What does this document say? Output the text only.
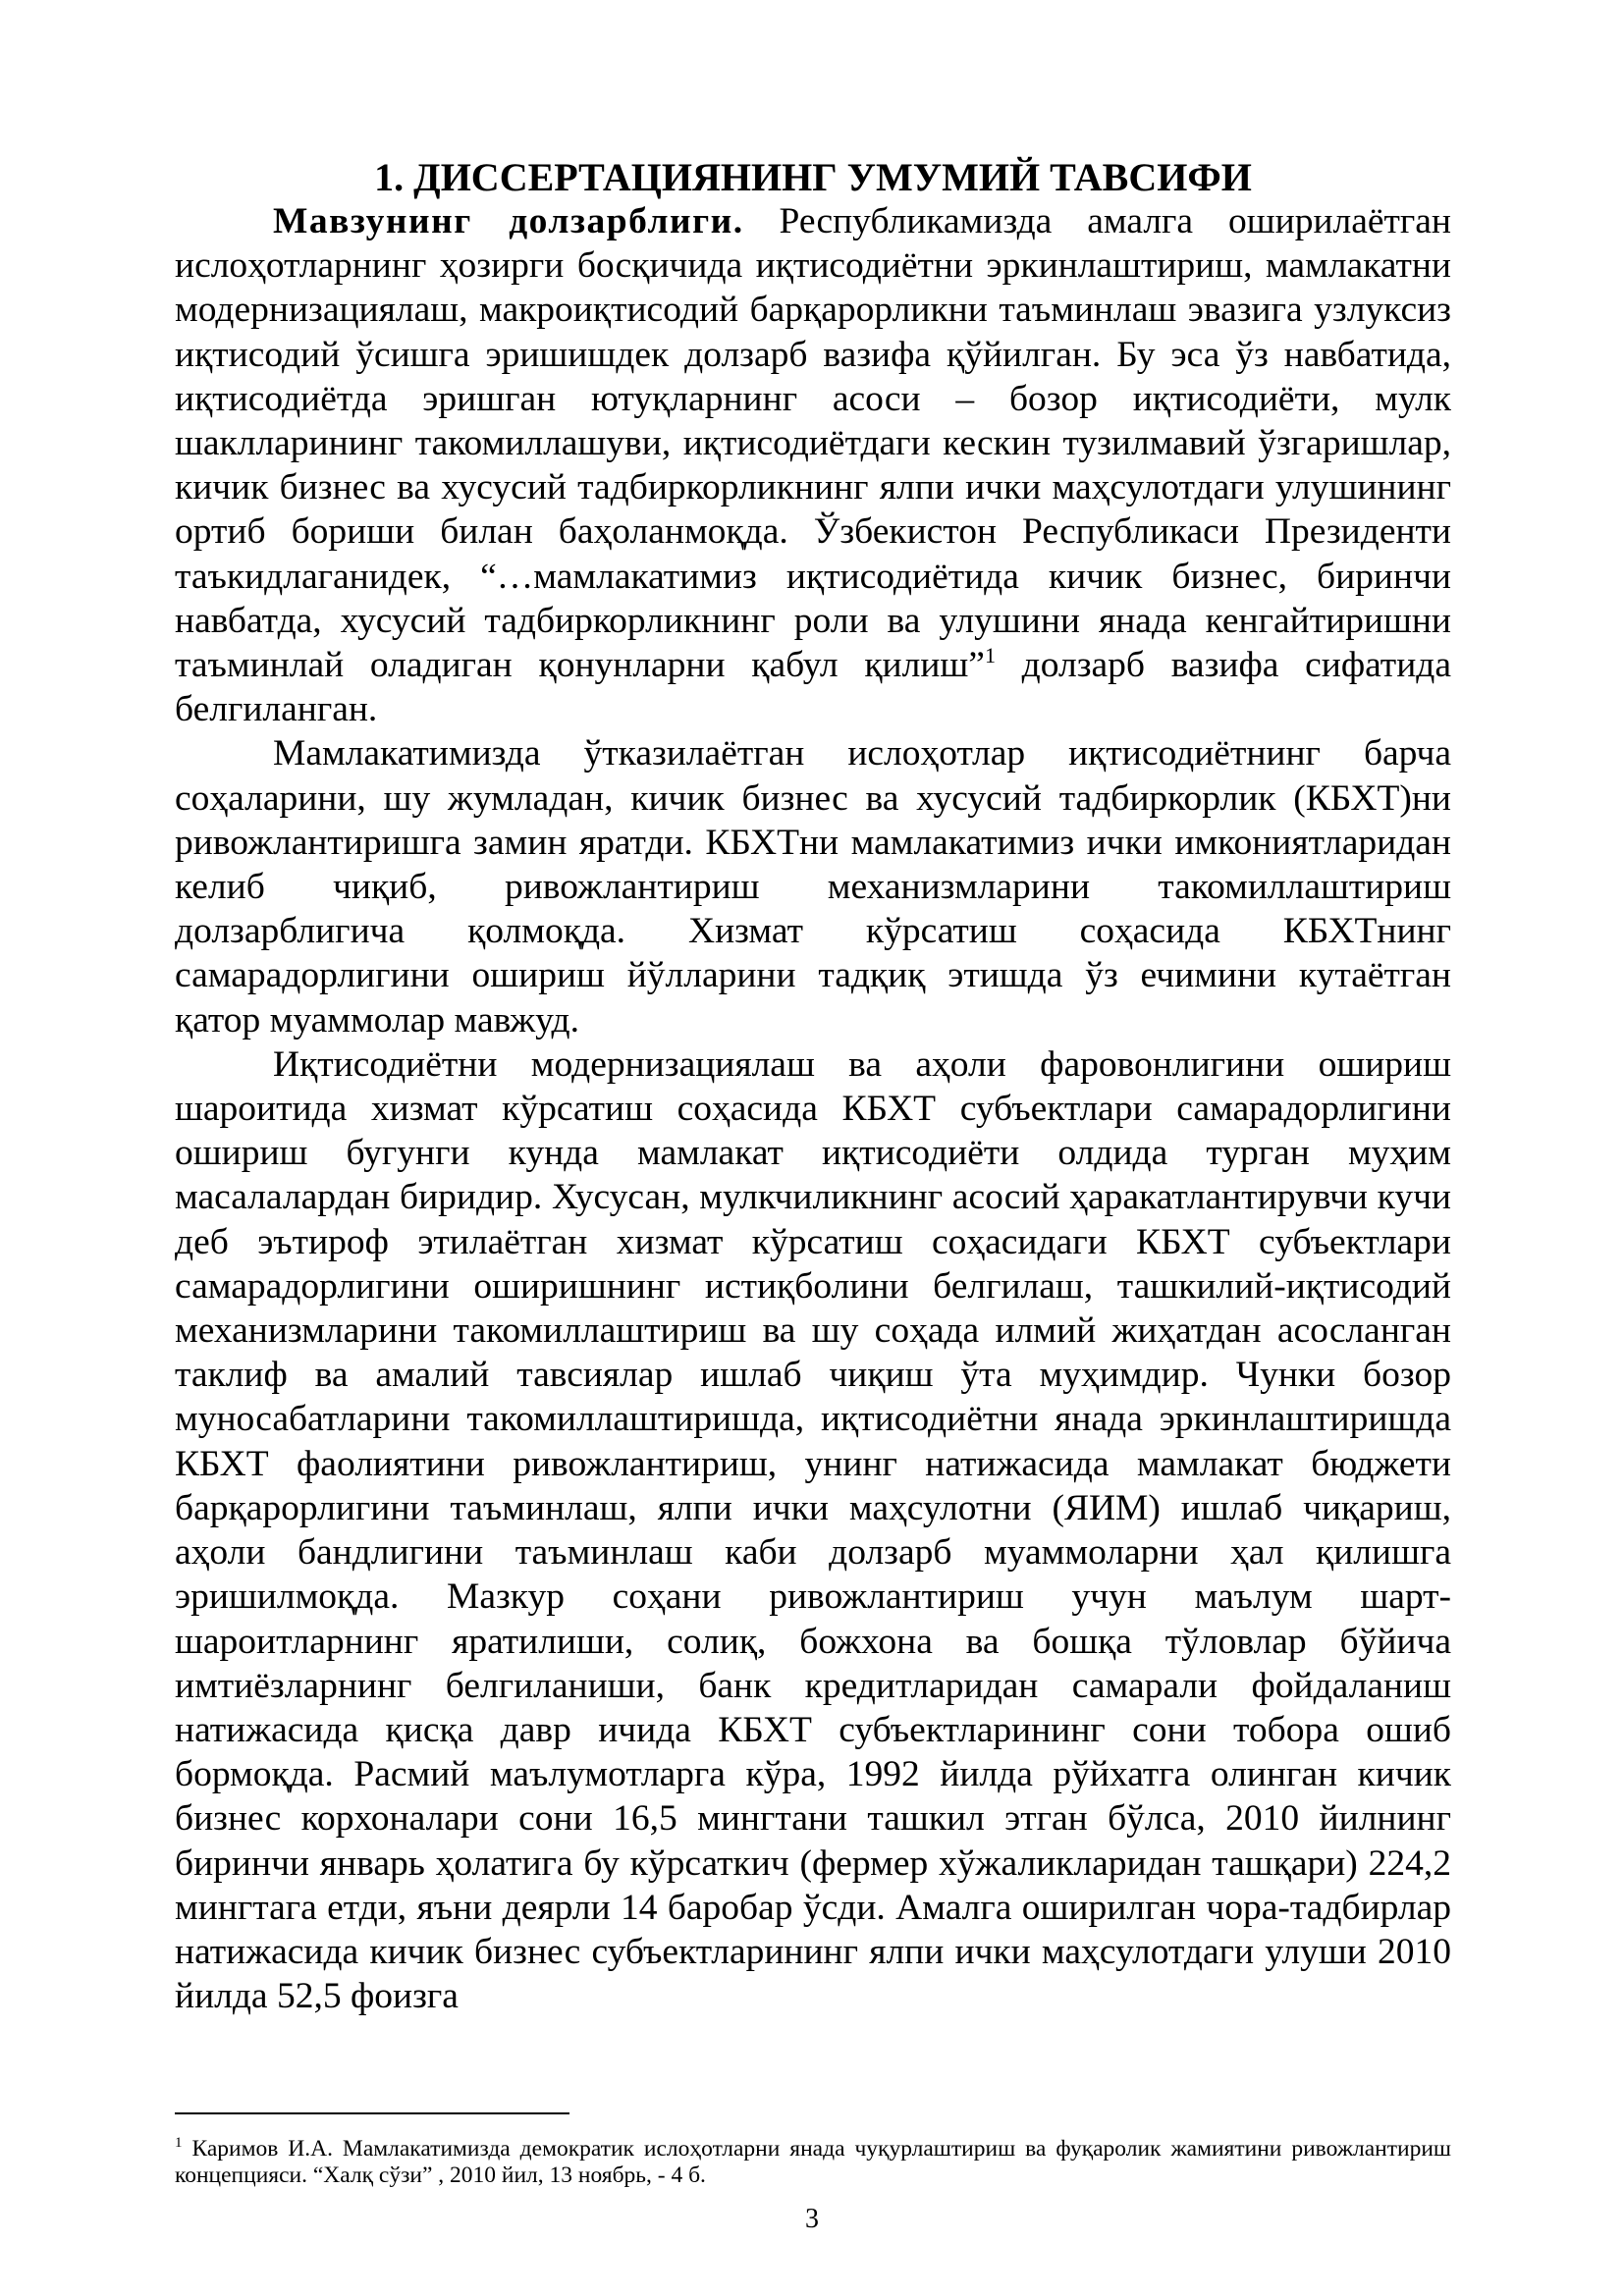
1. ДИССЕРТАЦИЯНИНГ УМУМИЙ ТАВСИФИ

Мавзунинг долзарблиги. Республикамизда амалга оширилаётган ислоҳотларнинг ҳозирги босқичида иқтисодиётни эркинлаштириш, мамлакатни модернизациялаш, макроиқтисодий барқарорликни таъминлаш эвазига узлуксиз иқтисодий ўсишга эришишдек долзарб вазифа қўйилган. Бу эса ўз навбатида, иқтисодиётда эришган ютуқларнинг асоси – бозор иқтисодиёти, мулк шаклларининг такомиллашуви, иқтисодиётдаги кескин тузилмавий ўзгаришлар, кичик бизнес ва хусусий тадбиркорликнинг ялпи ички маҳсулотдаги улушининг ортиб бориши билан баҳоланмоқда. Ўзбекистон Республикаси Президенти таъкидлаганидек, “…мамлакатимиз иқтисодиётида кичик бизнес, биринчи навбатда, хусусий тадбиркорликнинг роли ва улушини янада кенгайтиришни таъминлай оладиган қонунларни қабул қилиш”$^1$ долзарб вазифа сифатида белгиланган.

Мамлакатимизда ўтказилаётган ислоҳотлар иқтисодиётнинг барча соҳаларини, шу жумладан, кичик бизнес ва хусусий тадбиркорлик (КБХТ)ни ривожлантиришга замин яратди. КБХТни мамлакатимиз ички имкониятларидан келиб чиқиб, ривожлантириш механизмларини такомиллаштириш долзарблигича қолмоқда. Хизмат кўрсатиш соҳасида КБХТнинг самарадорлигини ошириш йўлларини тадқиқ этишда ўз ечимини кутаётган қатор муаммолар мавжуд.

Иқтисодиётни модернизациялаш ва аҳоли фаровонлигини ошириш шароитида хизмат кўрсатиш соҳасида КБХТ субъектлари самарадорлигини ошириш бугунги кунда мамлакат иқтисодиёти олдида турган муҳим масалалардан биридир. Хусусан, мулкчиликнинг асосий ҳаракатлантирувчи кучи деб эътироф этилаётган хизмат кўрсатиш соҳасидаги КБХТ субъектлари самарадорлигини оширишнинг истиқболини белгилаш, ташкилий-иқтисодий механизмларини такомиллаштириш ва шу соҳада илмий жиҳатдан асосланган таклиф ва амалий тавсиялар ишлаб чиқиш ўта муҳимдир. Чунки бозор муносабатларини такомиллаштиришда, иқтисодиётни янада эркинлаштиришда КБХТ фаолиятини ривожлантириш, унинг натижасида мамлакат бюджети барқарорлигини таъминлаш, ялпи ички маҳсулотни (ЯИМ) ишлаб чиқариш, аҳоли бандлигини таъминлаш каби долзарб муаммоларни ҳал қилишга эришилмоқда. Мазкур соҳани ривожлантириш учун маълум шарт-шароитларнинг яратилиши, солиқ, божхона ва бошқа тўловлар бўйича имтиёзларнинг белгиланиши, банк кредитларидан самарали фойдаланиш натижасида қисқа давр ичида КБХТ субъектларининг сони тобора ошиб бормоқда. Расмий маълумотларга кўра, 1992 йилда рўйхатга олинган кичик бизнес корхоналари сони 16,5 мингтани ташкил этган бўлса, 2010 йилнинг биринчи январь ҳолатига бу кўрсаткич (фермер хўжаликларидан ташқари) 224,2 мингтага етди, яъни деярли 14 баробар ўсди. Амалга оширилган чора-тадбирлар натижасида кичик бизнес субъектларининг ялпи ички маҳсулотдаги улуши 2010 йилда 52,5 фоизга

$^1$ Каримов И.А. Мамлакатимизда демократик ислоҳотларни янада чуқурлаштириш ва фуқаролик жамиятини ривожлантириш концепцияси. “Халқ сўзи” , 2010 йил, 13 ноябрь, - 4 б.

3
